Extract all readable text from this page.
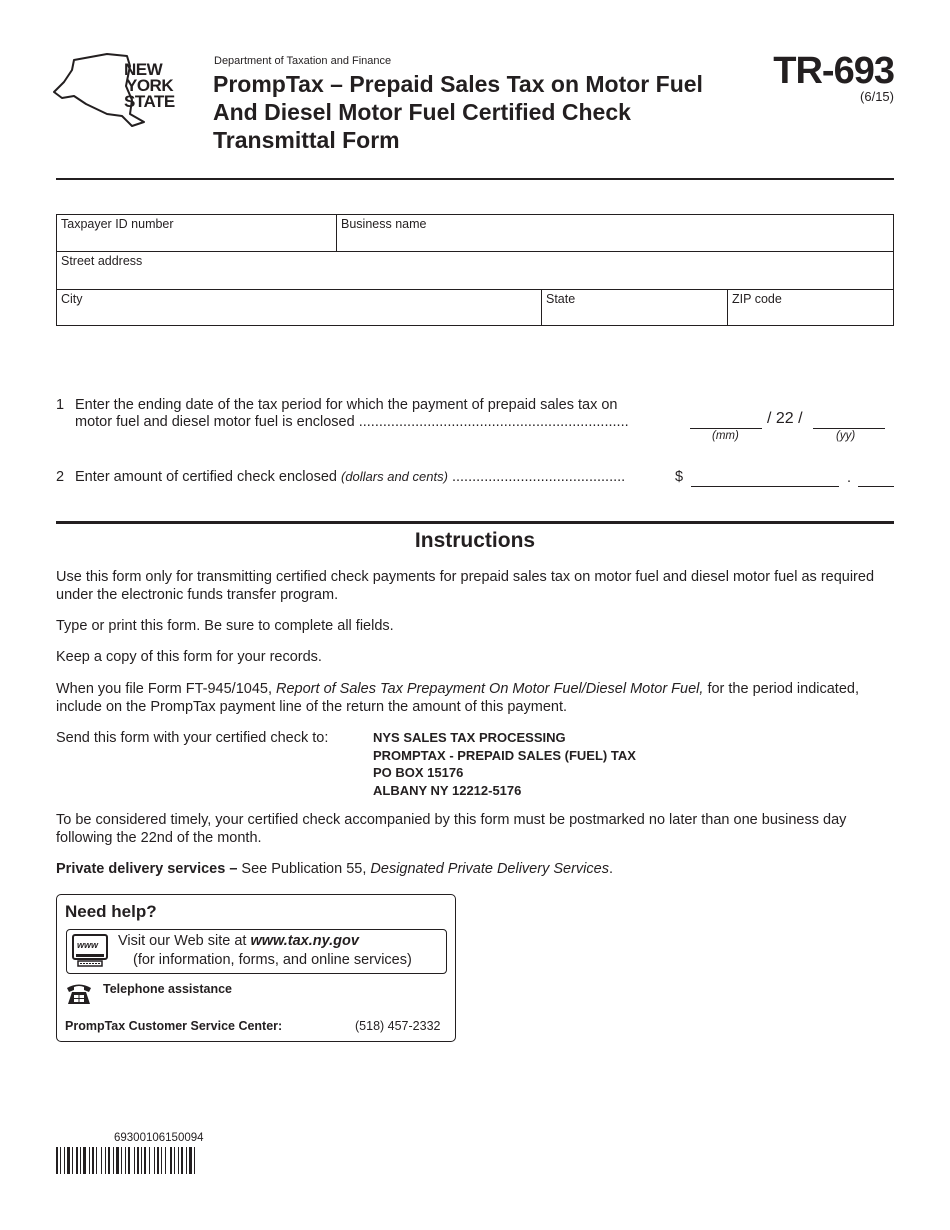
NEW
YORK
STATE
Department of Taxation and Finance
PrompTax – Prepaid Sales Tax on Motor Fuel
And Diesel Motor Fuel Certified Check
Transmittal Form
TR-693
(6/15)
Taxpayer ID number	Business name
Street address
City	State	ZIP code
1 Enter the ending date of the tax period for which the payment of prepaid sales tax on
motor fuel and diesel motor fuel is enclosed ...................................................................	/ 22 /
(mm)	(yy)
2 Enter amount of certified check enclosed (dollars and cents) ...........................................	$	.
Instructions
Use this form only for transmitting certified check payments for prepaid sales tax on motor fuel and diesel motor fuel as required under the electronic funds transfer program.
Type or print this form. Be sure to complete all fields.
Keep a copy of this form for your records.
When you file Form FT-945/1045, Report of Sales Tax Prepayment On Motor Fuel/Diesel Motor Fuel, for the period indicated, include on the PrompTax payment line of the return the amount of this payment.
Send this form with your certified check to:	NYS SALES TAX PROCESSING
PROMPTAX - PREPAID SALES (FUEL) TAX
PO BOX 15176
ALBANY NY 12212-5176
To be considered timely, your certified check accompanied by this form must be postmarked no later than one business day following the 22nd of the month.
Private delivery services – See Publication 55, Designated Private Delivery Services.
Need help?
www Visit our Web site at www.tax.ny.gov
(for information, forms, and online services)
Telephone assistance
PrompTax Customer Service Center:	(518) 457-2332
69300106150094
